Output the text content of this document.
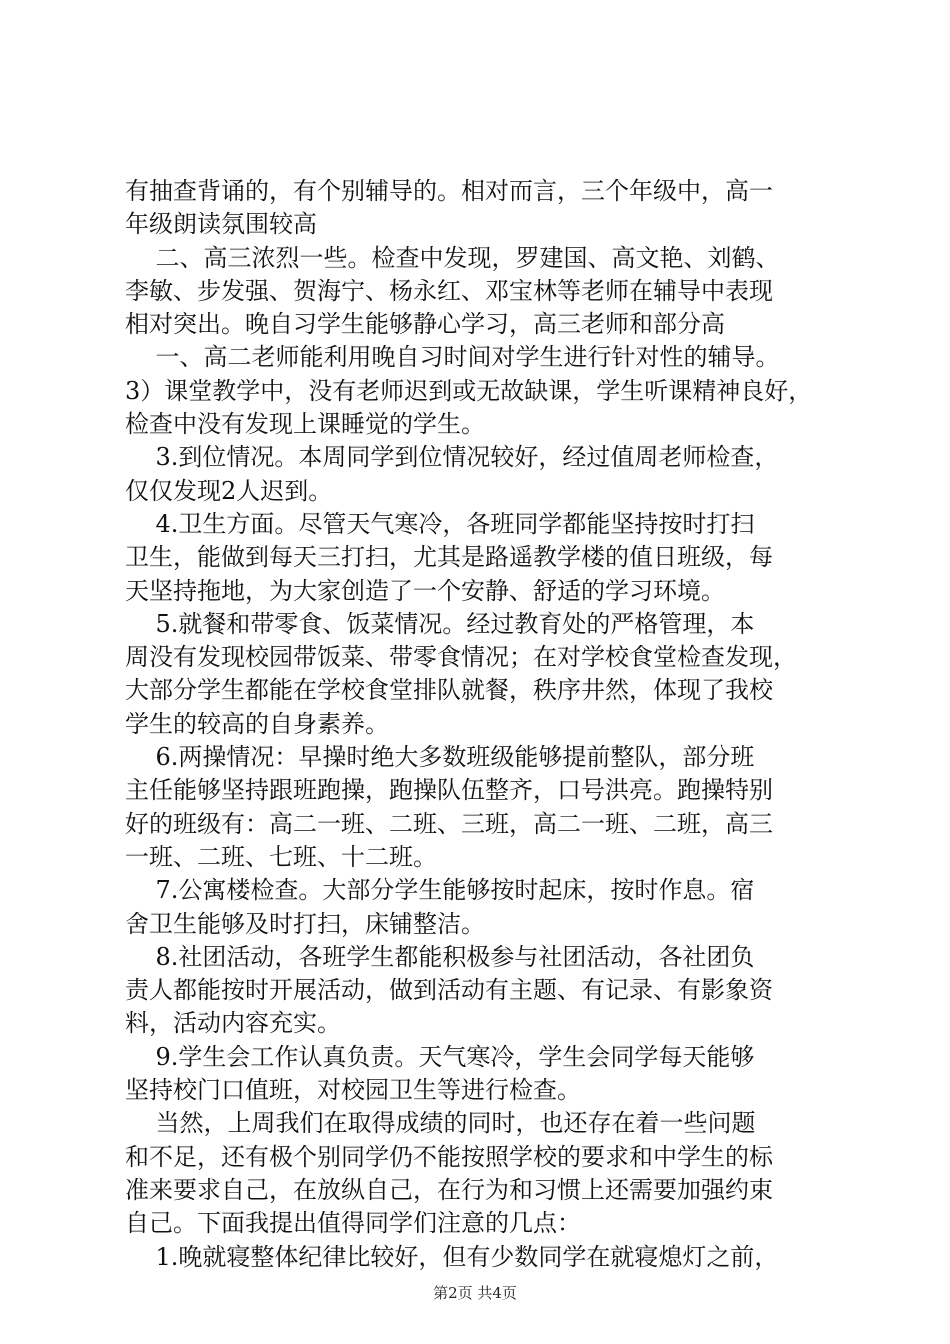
有抽查背诵的，有个别辅导的。相对而言，三个年级中，高一
年级朗读氛围较高
二、高三浓烈一些。检查中发现，罗建国、高文艳、刘鹤、
李敏、步发强、贺海宁、杨永红、邓宝林等老师在辅导中表现
相对突出。晚自习学生能够静心学习，高三老师和部分高
一、高二老师能利用晚自习时间对学生进行针对性的辅导。
3）课堂教学中，没有老师迟到或无故缺课，学生听课精神良好，
检查中没有发现上课睡觉的学生。
3.到位情况。本周同学到位情况较好，经过值周老师检查，
仅仅发现2人迟到。
4.卫生方面。尽管天气寒冷，各班同学都能坚持按时打扫
卫生，能做到每天三打扫，尤其是路遥教学楼的值日班级，每
天坚持拖地，为大家创造了一个安静、舒适的学习环境。
5.就餐和带零食、饭菜情况。经过教育处的严格管理，本
周没有发现校园带饭菜、带零食情况；在对学校食堂检查发现，
大部分学生都能在学校食堂排队就餐，秩序井然，体现了我校
学生的较高的自身素养。
6.两操情况：早操时绝大多数班级能够提前整队，部分班
主任能够坚持跟班跑操，跑操队伍整齐，口号洪亮。跑操特别
好的班级有：高二一班、二班、三班，高二一班、二班，高三
一班、二班、七班、十二班。
7.公寓楼检查。大部分学生能够按时起床，按时作息。宿
舍卫生能够及时打扫，床铺整洁。
8.社团活动，各班学生都能积极参与社团活动，各社团负
责人都能按时开展活动，做到活动有主题、有记录、有影象资
料，活动内容充实。
9.学生会工作认真负责。天气寒冷，学生会同学每天能够
坚持校门口值班，对校园卫生等进行检查。
当然，上周我们在取得成绩的同时，也还存在着一些问题
和不足，还有极个别同学仍不能按照学校的要求和中学生的标
准来要求自己，在放纵自己，在行为和习惯上还需要加强约束
自己。下面我提出值得同学们注意的几点：
1.晚就寝整体纪律比较好，但有少数同学在就寝熄灯之前，
第2页 共4页
